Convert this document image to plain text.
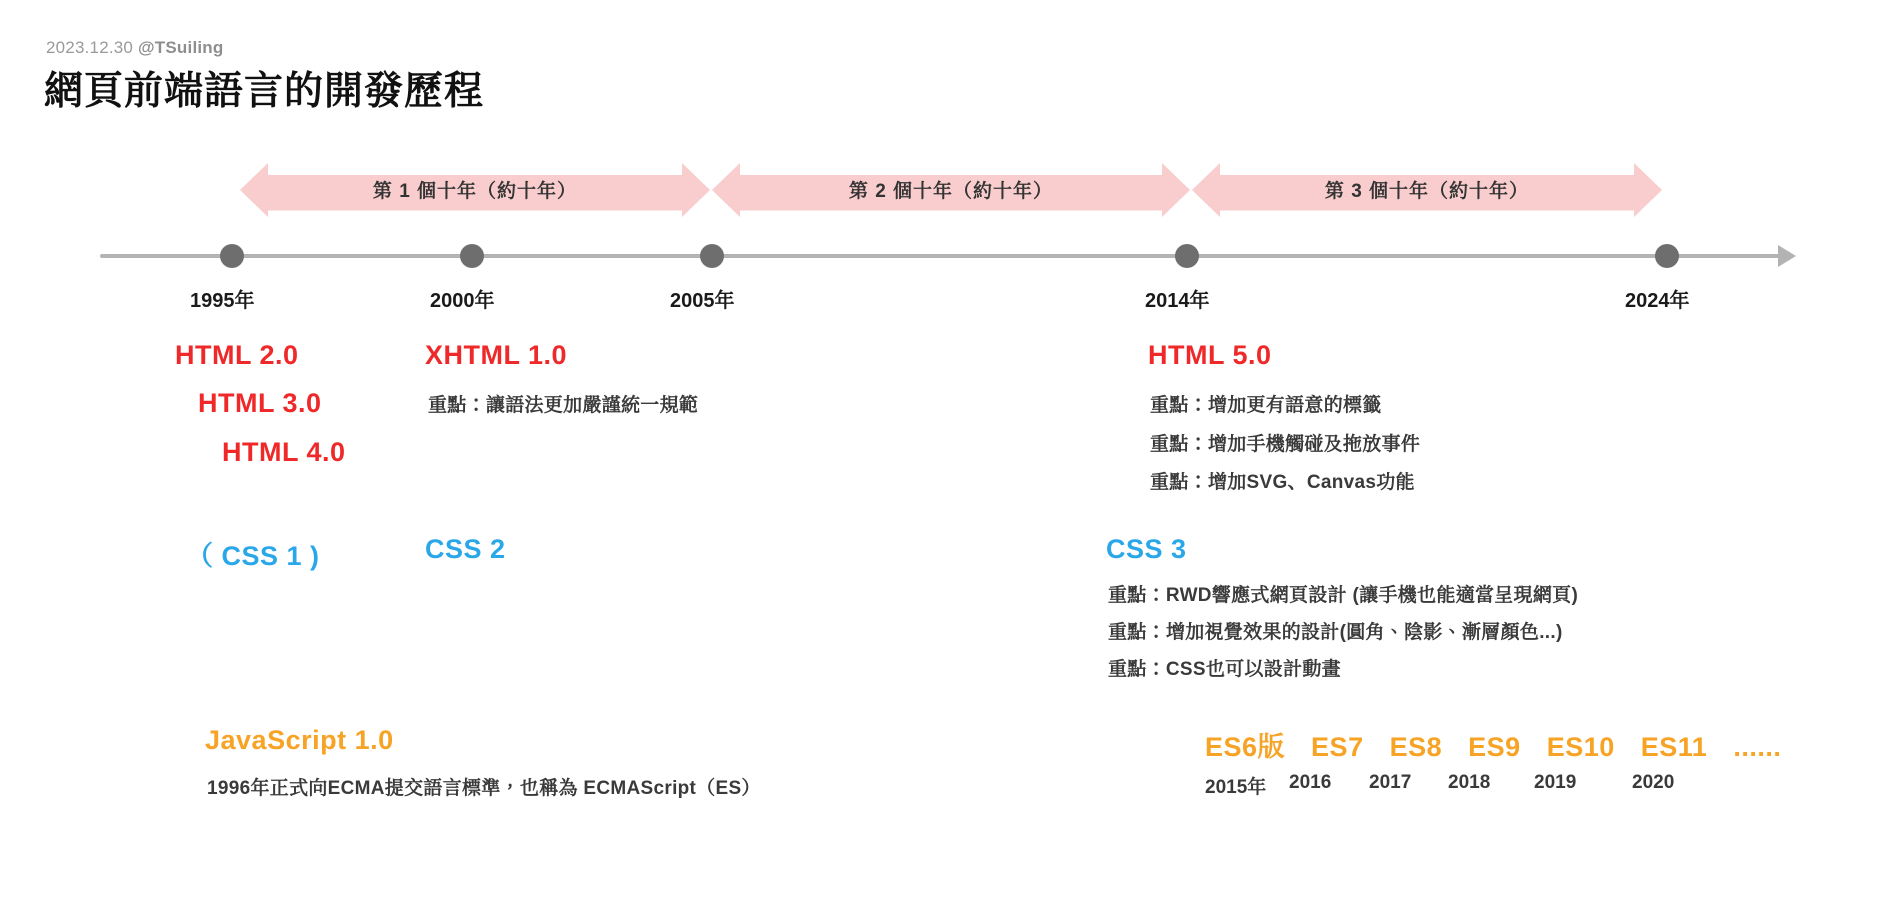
2023.12.30 @TSuiling
網頁前端語言的開發歷程
第 1 個十年（約十年）	第 2 個十年（約十年）	第 3 個十年（約十年）
1995年	2000年	2005年	2014年	2024年
HTML 2.0
HTML 3.0
HTML 4.0
XHTML 1.0
重點：讓語法更加嚴謹統一規範
HTML 5.0
重點：增加更有語意的標籤
重點：增加手機觸碰及拖放事件
重點：增加SVG、Canvas功能
（ CSS 1 )	CSS 2	CSS 3
重點：RWD響應式網頁設計 (讓手機也能適當呈現網頁)
重點：增加視覺效果的設計(圓角、陰影、漸層顏色...)
重點：CSS也可以設計動畫
JavaScript 1.0
1996年正式向ECMA提交語言標準，也稱為 ECMAScript（ES）
ES6版 ES7 ES8 ES9 ES10 ES11 ......
2015年	2016	2017	2018	2019	2020
